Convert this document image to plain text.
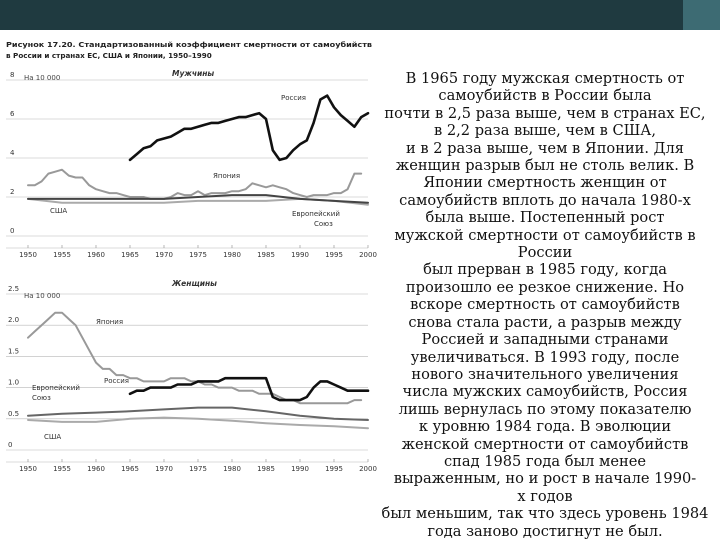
Рисунок 17.20. Стандартизованный коэффициент смертности от самоубийств
в России и странах ЕС, США и Японии, 1950–1990
0
2
4
6
8
1950 1955 1960 1965 1970 1975 1980 1985 1990 1995 2000
Мужчины
На 10 000
Россия
Япония
США	Европейский
Союз
0
0.5
1.0
1.5
2.0
2.5
1950 1955 1960 1965 1970 1975 1980 1985 1990 1995 2000
Женщины
На 10 000
Япония
Россия
Европейский
Союз
США

В 1965 году мужская смертность от

самоубийств в России была

почти в 2,5 раза выше, чем в странах ЕС,

в 2,2 раза выше, чем в США,

и в 2 раза выше, чем в Японии. Для

женщин разрыв был не столь велик. В

Японии смертность женщин от

самоубийств вплоть до начала 1980-х

была выше. Постепенный рост

мужской смертности от самоубийств в

России

был прерван в 1985 году, когда

произошло ее резкое снижение. Но

вскоре смертность от самоубийств

снова стала расти, а разрыв между

Россией и западными странами

увеличиваться. В 1993 году, после

нового значительного увеличения

числа мужских самоубийств, Россия

лишь вернулась по этому показателю

к уровню 1984 года. В эволюции

женской смертности от самоубийств

спад 1985 года был менее

выраженным, но и рост в начале 1990-

х годов

был меньшим, так что здесь уровень 1984

года заново достигнут не был.
